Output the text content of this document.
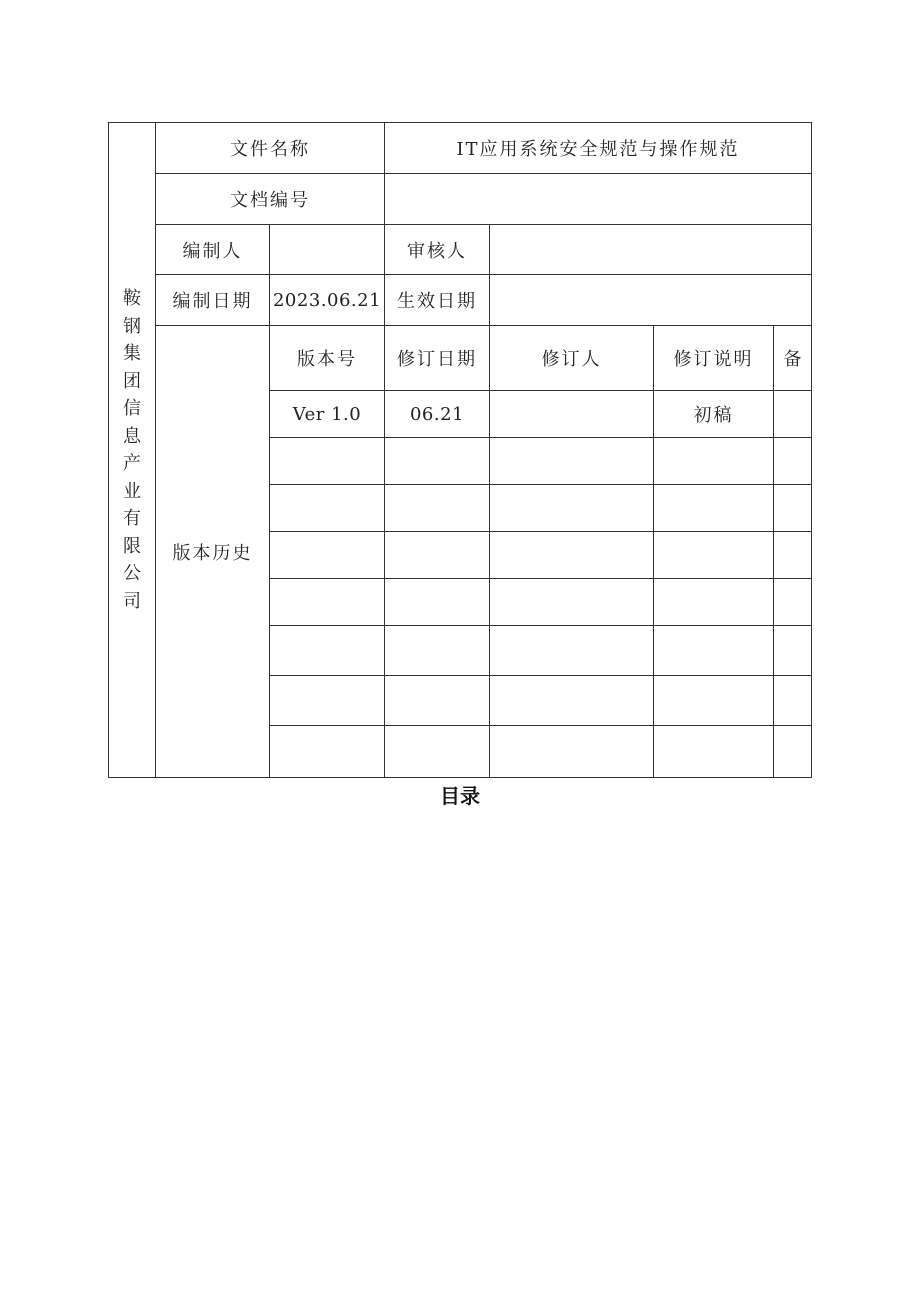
鞍钢集团信息产业有限公司	文件名称		IT应用系统安全规范与操作规范			
	文档编号					
	编制人		审核人			
	编制日期	2023.06.21	生效日期			
	版本历史	版本号	修订日期	修订人	修订说明	备

		Ver 1.0	06.21		初稿	

目录
